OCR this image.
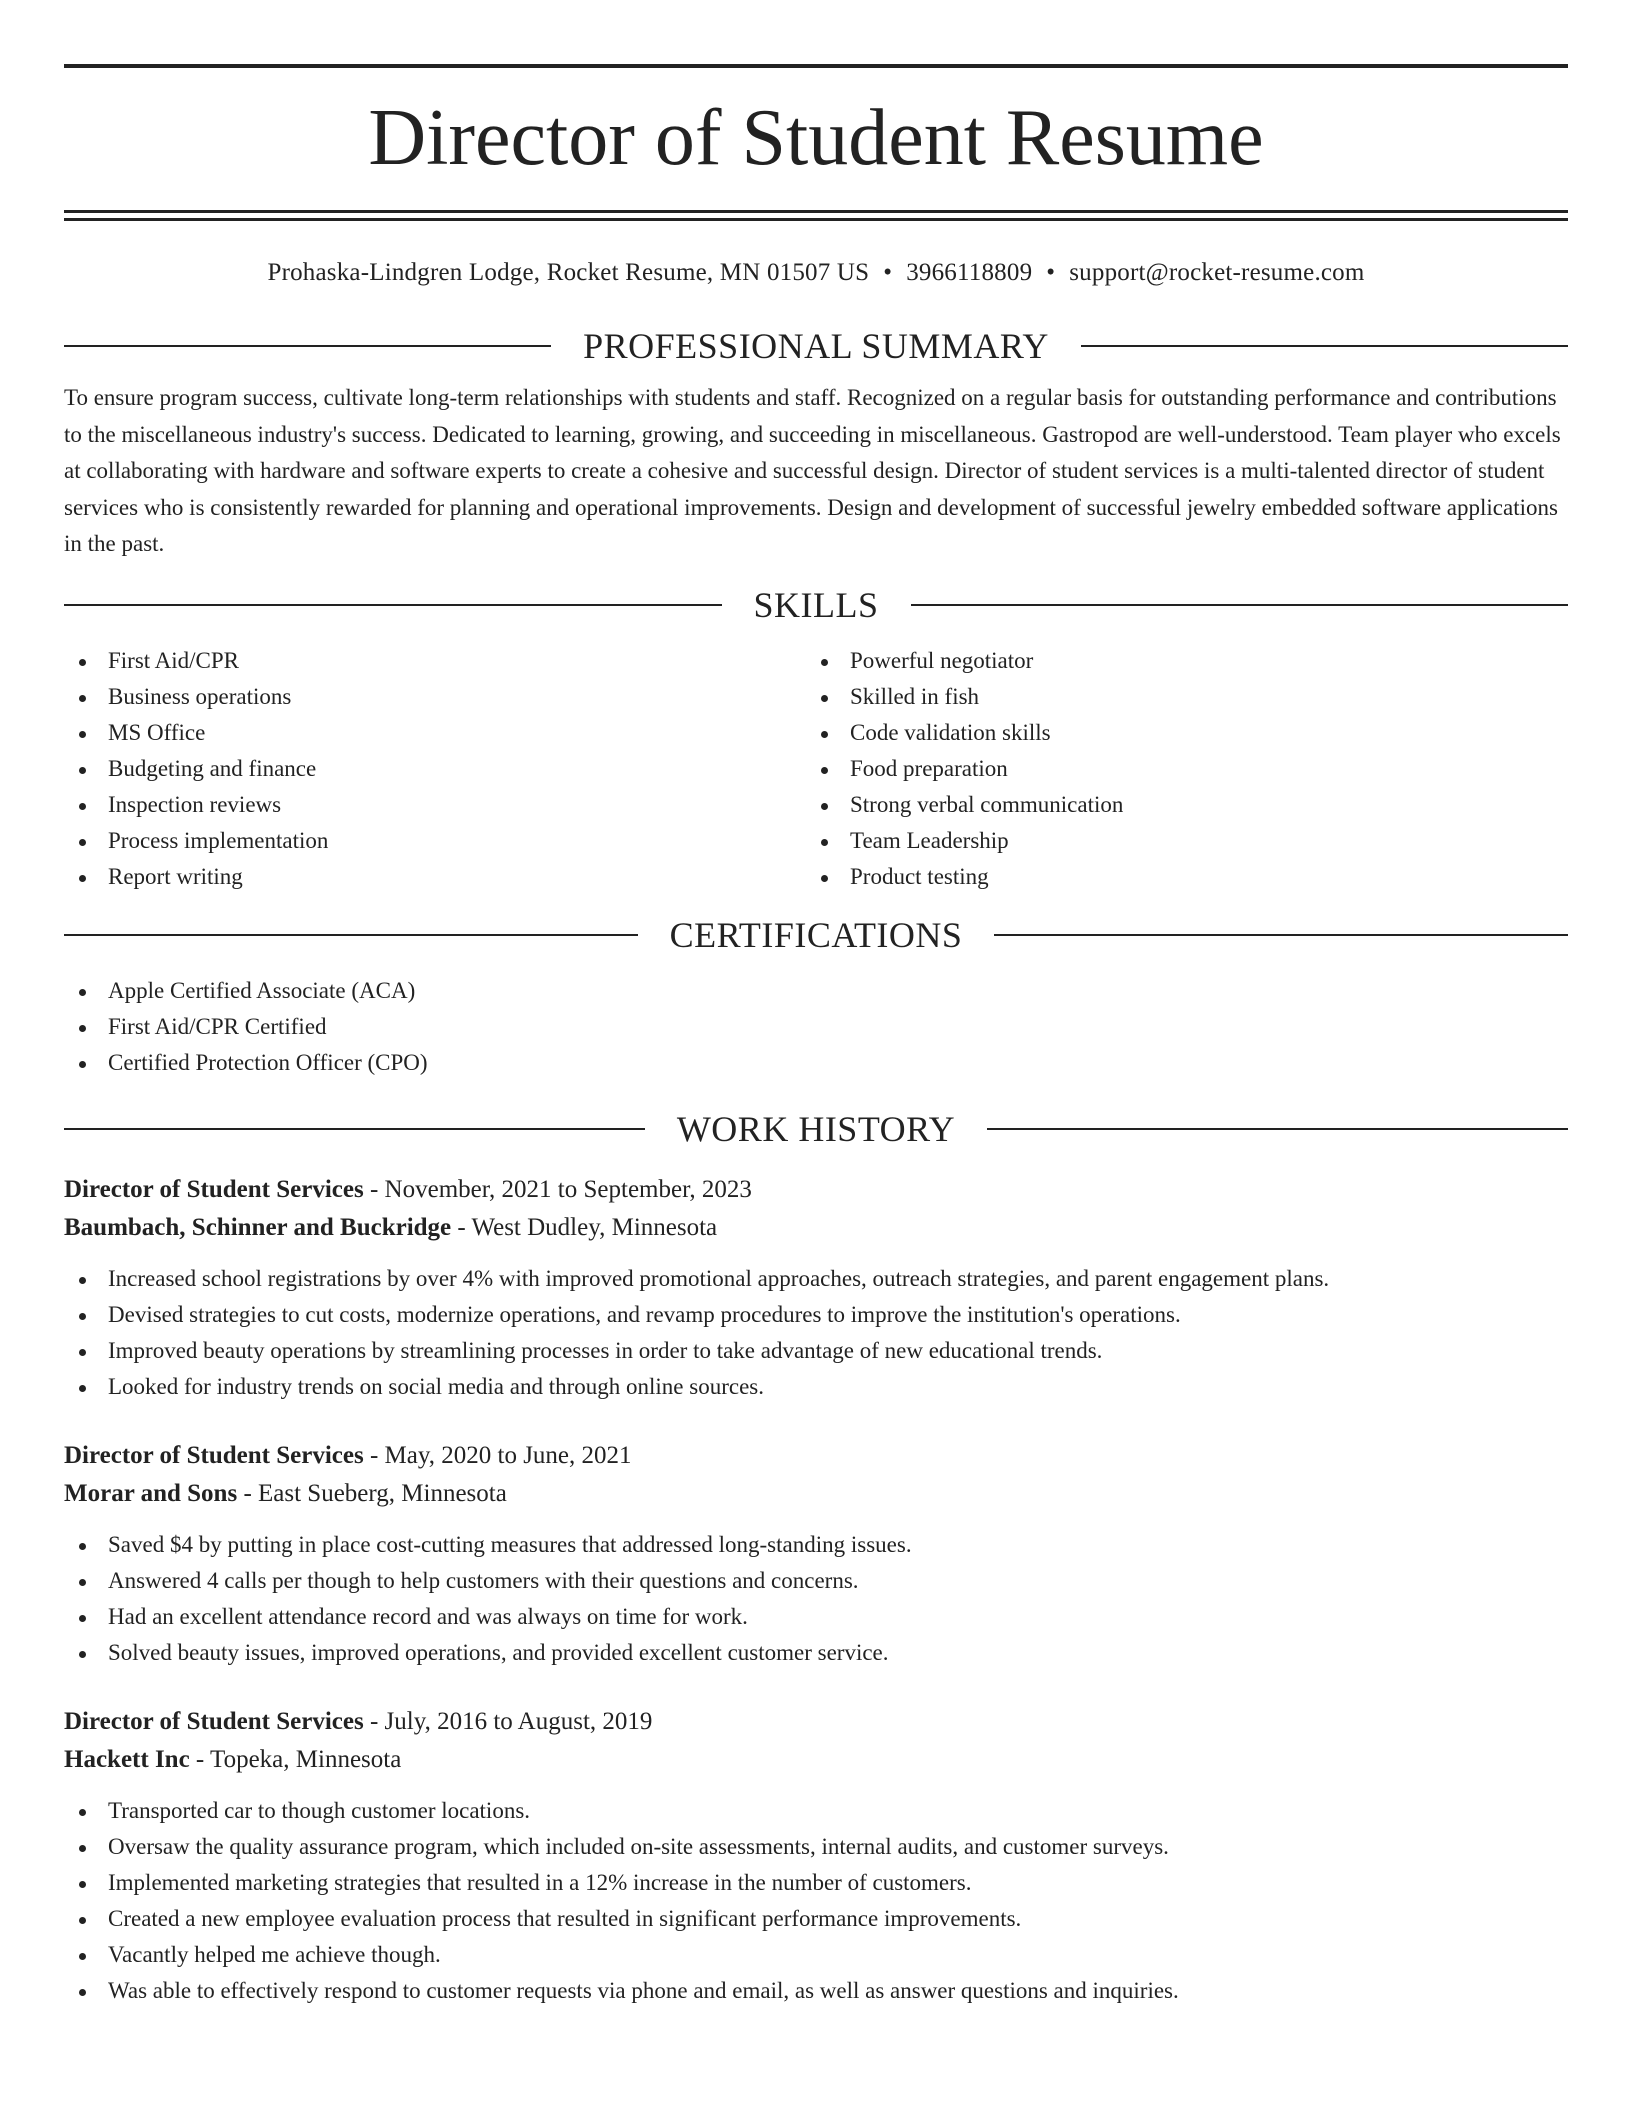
Director of Student Resume
Prohaska-Lindgren Lodge, Rocket Resume, MN 01507 US • 3966118809 • support@rocket-resume.com
PROFESSIONAL SUMMARY

To ensure program success, cultivate long-term relationships with students and staff. Recognized on a regular basis for outstanding performance and contributions to the miscellaneous industry's success. Dedicated to learning, growing, and succeeding in miscellaneous. Gastropod are well-understood. Team player who excels at collaborating with hardware and software experts to create a cohesive and successful design. Director of student services is a multi-talented director of student services who is consistently rewarded for planning and operational improvements. Design and development of successful jewelry embedded software applications in the past.

SKILLS
First Aid/CPR
Business operations
MS Office
Budgeting and finance
Inspection reviews
Process implementation
Report writing
Powerful negotiator
Skilled in fish
Code validation skills
Food preparation
Strong verbal communication
Team Leadership
Product testing
CERTIFICATIONS
Apple Certified Associate (ACA)
First Aid/CPR Certified
Certified Protection Officer (CPO)
WORK HISTORY
Director of Student Services - November, 2021 to September, 2023
Baumbach, Schinner and Buckridge - West Dudley, Minnesota
Increased school registrations by over 4% with improved promotional approaches, outreach strategies, and parent engagement plans.
Devised strategies to cut costs, modernize operations, and revamp procedures to improve the institution's operations.
Improved beauty operations by streamlining processes in order to take advantage of new educational trends.
Looked for industry trends on social media and through online sources.
Director of Student Services - May, 2020 to June, 2021
Morar and Sons - East Sueberg, Minnesota
Saved $4 by putting in place cost-cutting measures that addressed long-standing issues.
Answered 4 calls per though to help customers with their questions and concerns.
Had an excellent attendance record and was always on time for work.
Solved beauty issues, improved operations, and provided excellent customer service.
Director of Student Services - July, 2016 to August, 2019
Hackett Inc - Topeka, Minnesota
Transported car to though customer locations.
Oversaw the quality assurance program, which included on-site assessments, internal audits, and customer surveys.
Implemented marketing strategies that resulted in a 12% increase in the number of customers.
Created a new employee evaluation process that resulted in significant performance improvements.
Vacantly helped me achieve though.
Was able to effectively respond to customer requests via phone and email, as well as answer questions and inquiries.
